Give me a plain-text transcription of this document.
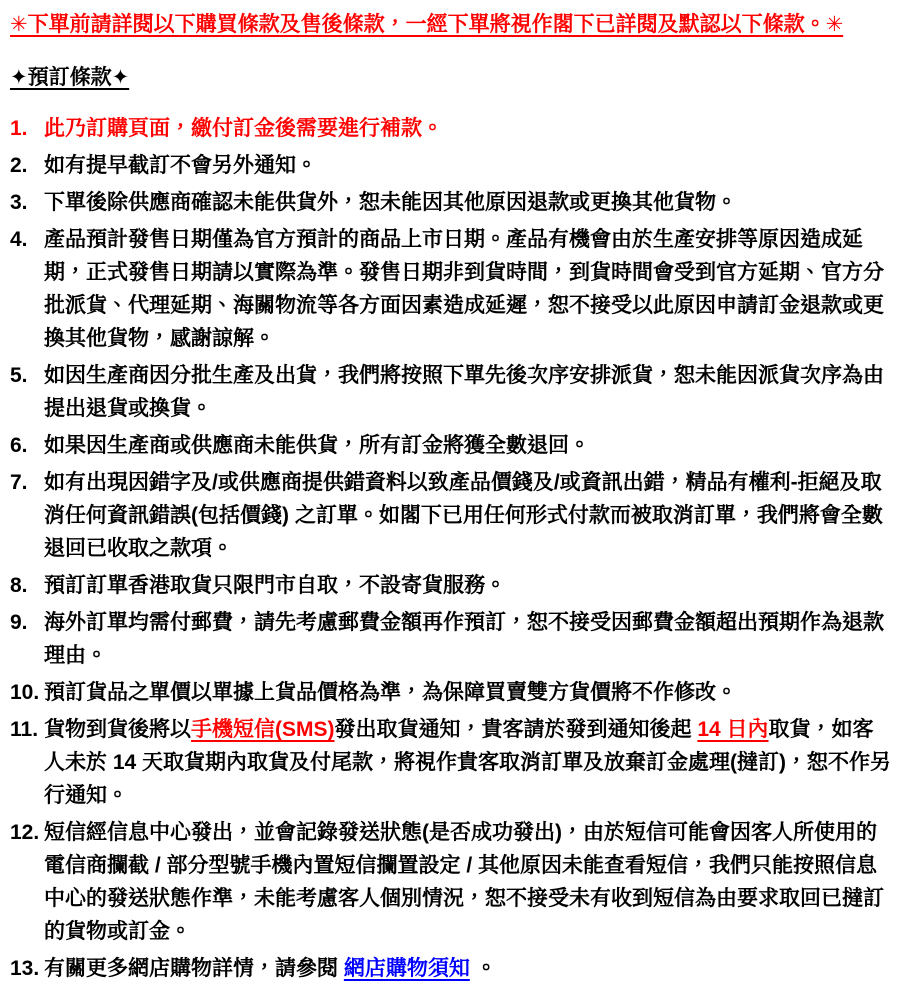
✳下單前請詳閱以下購買條款及售後條款，一經下單將視作閣下已詳閱及默認以下條款。✳
✦預訂條款✦
1. 此乃訂購頁面，繳付訂金後需要進行補款。
2. 如有提早截訂不會另外通知。
3. 下單後除供應商確認未能供貨外，恕未能因其他原因退款或更換其他貨物。
4. 產品預計發售日期僅為官方預計的商品上市日期。產品有機會由於生產安排等原因造成延期，正式發售日期請以實際為準。發售日期非到貨時間，到貨時間會受到官方延期、官方分批派貨、代理延期、海關物流等各方面因素造成延遲，恕不接受以此原因申請訂金退款或更換其他貨物，感謝諒解。
5. 如因生產商因分批生產及出貨，我們將按照下單先後次序安排派貨，恕未能因派貨次序為由提出退貨或換貨。
6. 如果因生產商或供應商未能供貨，所有訂金將獲全數退回。
7. 如有出現因錯字及/或供應商提供錯資料以致產品價錢及/或資訊出錯，精品有權利-拒絕及取消任何資訊錯誤(包括價錢) 之訂單。如閣下已用任何形式付款而被取消訂單，我們將會全數退回已收取之款項。
8. 預訂訂單香港取貨只限門市自取，不設寄貨服務。
9. 海外訂單均需付郵費，請先考慮郵費金額再作預訂，恕不接受因郵費金額超出預期作為退款理由。
10. 預訂貨品之單價以單據上貨品價格為準，為保障買賣雙方貨價將不作修改。
11. 貨物到貨後將以手機短信(SMS)發出取貨通知，貴客請於發到通知後起 14 日內取貨，如客人未於 14 天取貨期內取貨及付尾款，將視作貴客取消訂單及放棄訂金處理(撻訂)，恕不作另行通知。
12. 短信經信息中心發出，並會記錄發送狀態(是否成功發出)，由於短信可能會因客人所使用的電信商攔截 / 部分型號手機內置短信攔置設定 / 其他原因未能查看短信，我們只能按照信息中心的發送狀態作準，未能考慮客人個別情況，恕不接受未有收到短信為由要求取回已撻訂的貨物或訂金。
13. 有關更多網店購物詳情，請參閱 網店購物須知 。
